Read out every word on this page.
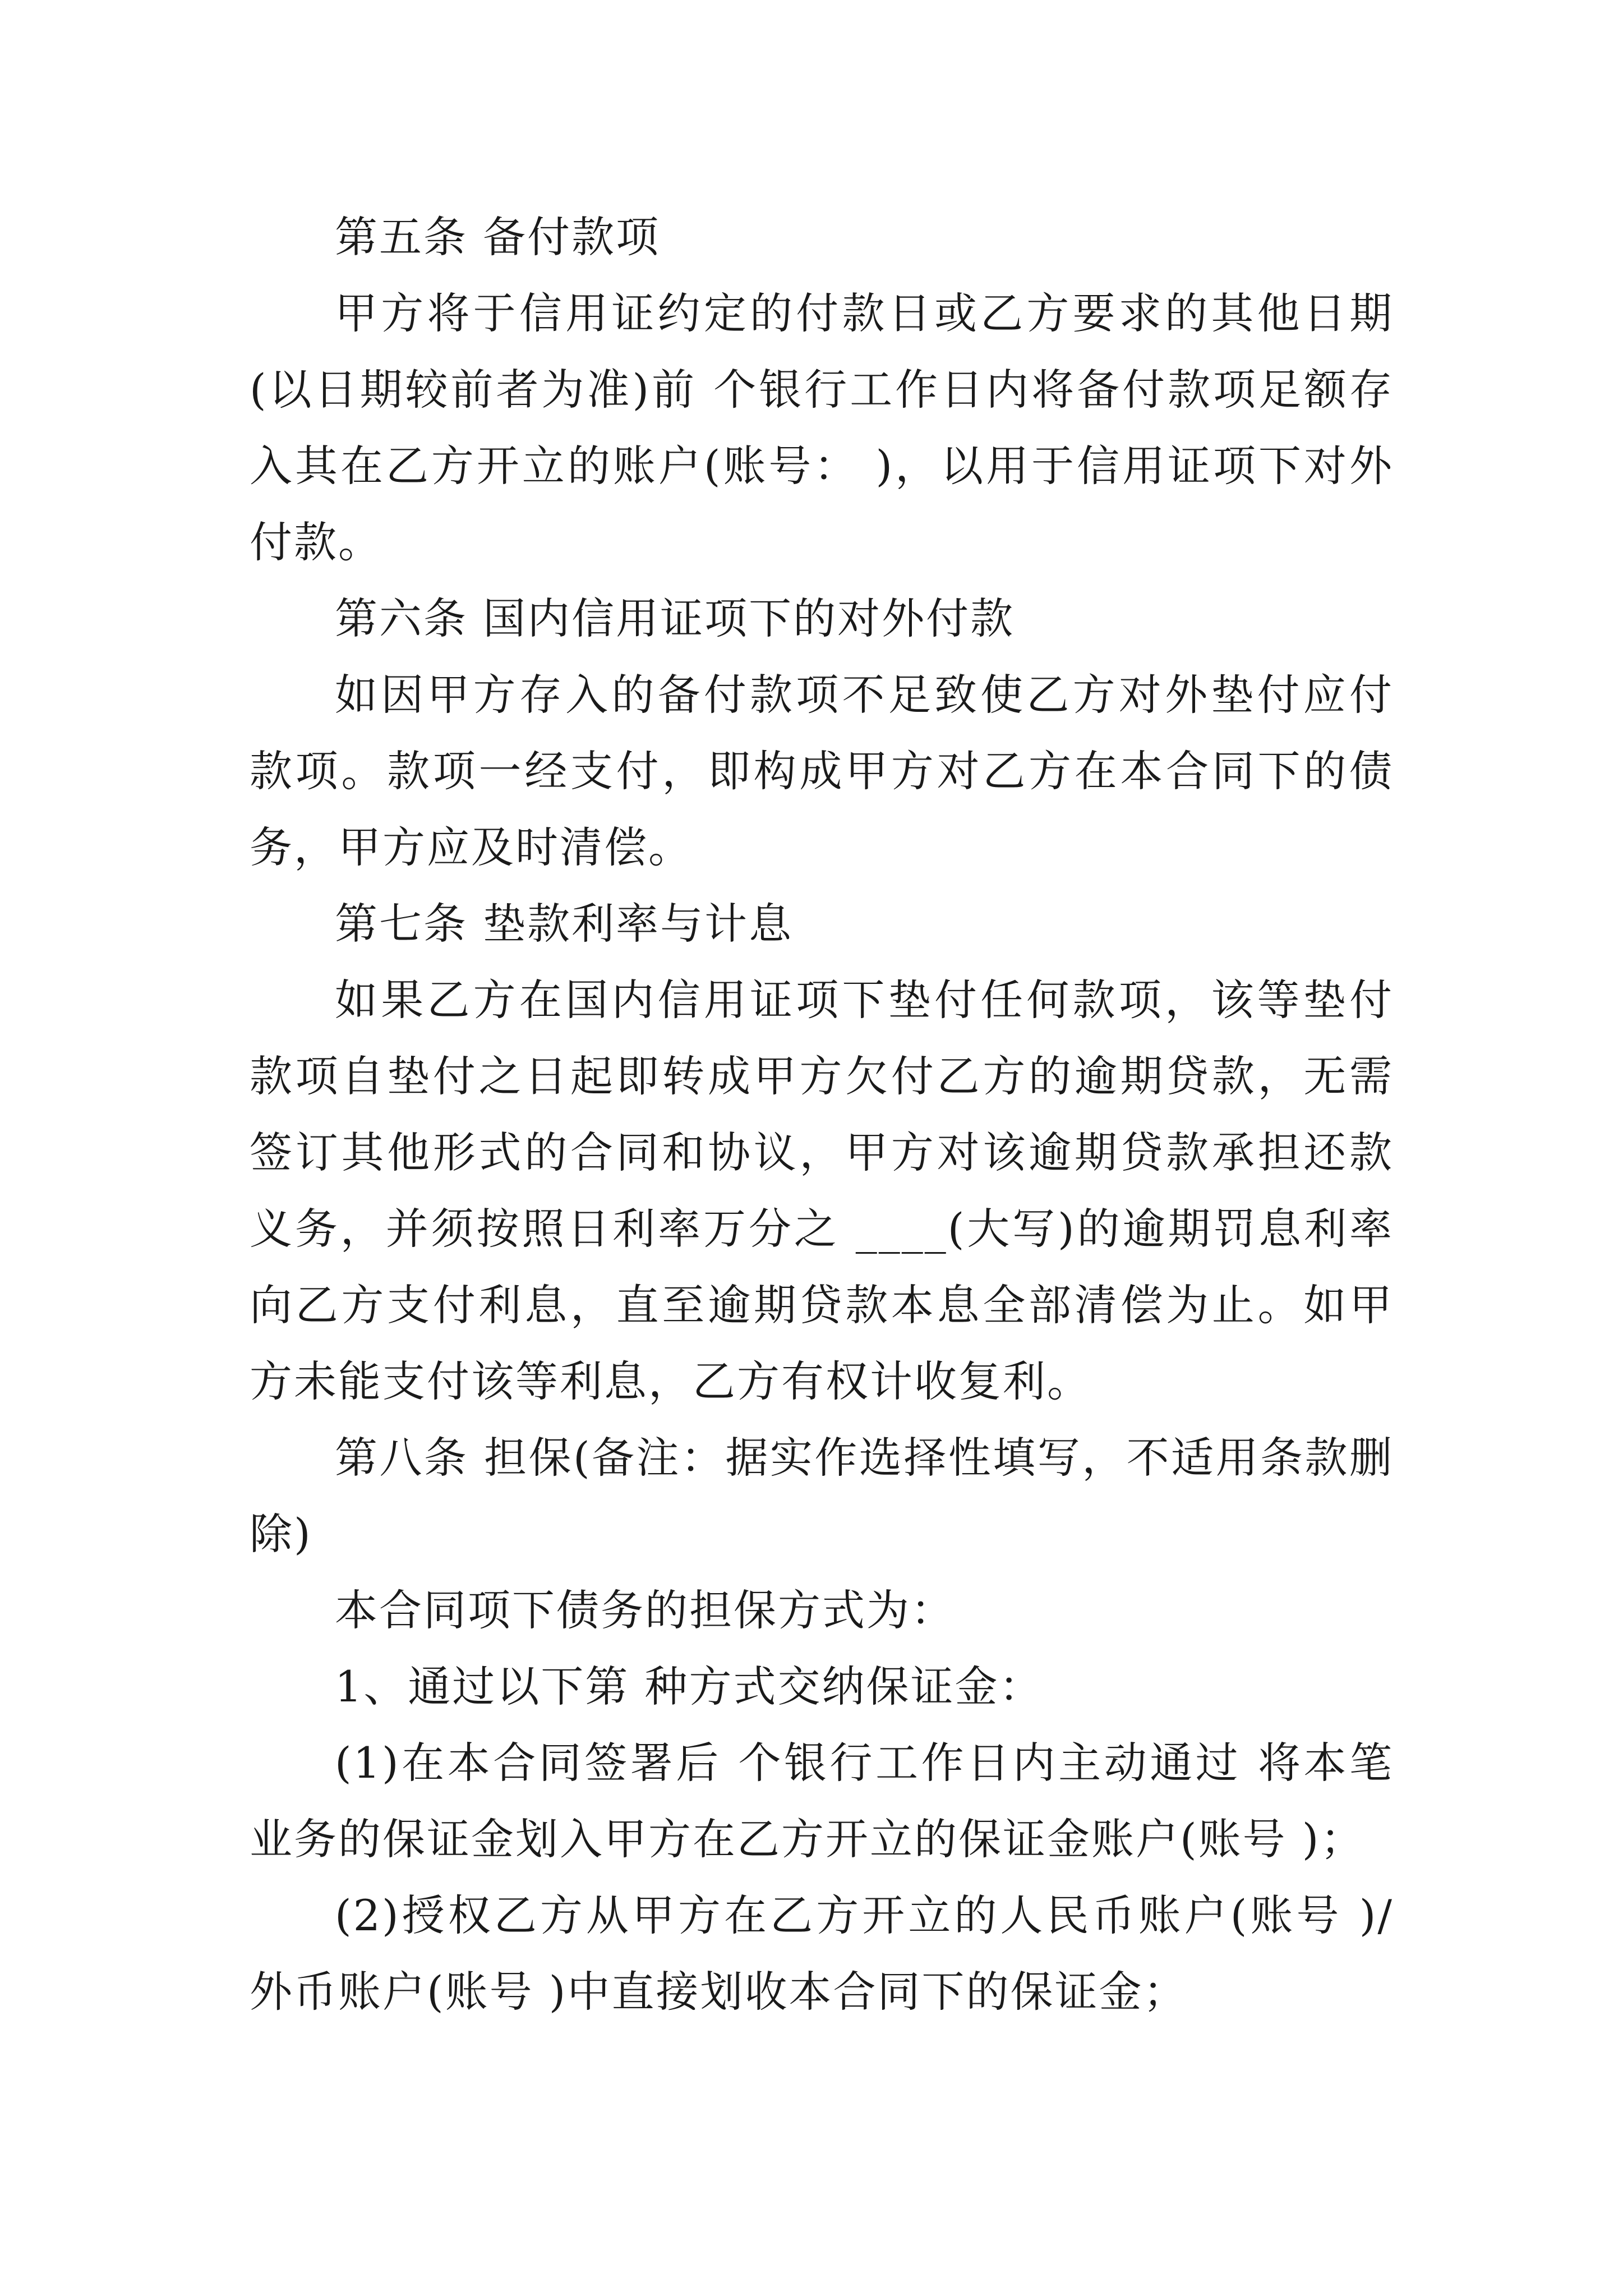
第五条 备付款项

甲方将于信用证约定的付款日或乙方要求的其他日期(以日期较前者为准)前 个银行工作日内将备付款项足额存入其在乙方开立的账户(账号： )，以用于信用证项下对外付款。

第六条 国内信用证项下的对外付款

如因甲方存入的备付款项不足致使乙方对外垫付应付款项。款项一经支付，即构成甲方对乙方在本合同下的债务，甲方应及时清偿。

第七条 垫款利率与计息

如果乙方在国内信用证项下垫付任何款项，该等垫付款项自垫付之日起即转成甲方欠付乙方的逾期贷款，无需签订其他形式的合同和协议，甲方对该逾期贷款承担还款义务，并须按照日利率万分之 ____(大写)的逾期罚息利率向乙方支付利息，直至逾期贷款本息全部清偿为止。如甲方未能支付该等利息，乙方有权计收复利。

第八条 担保(备注：据实作选择性填写，不适用条款删除)

本合同项下债务的担保方式为：

1、通过以下第 种方式交纳保证金：

(1)在本合同签署后 个银行工作日内主动通过 将本笔业务的保证金划入甲方在乙方开立的保证金账户(账号 )；

(2)授权乙方从甲方在乙方开立的人民币账户(账号 )/外币账户(账号 )中直接划收本合同下的保证金；
